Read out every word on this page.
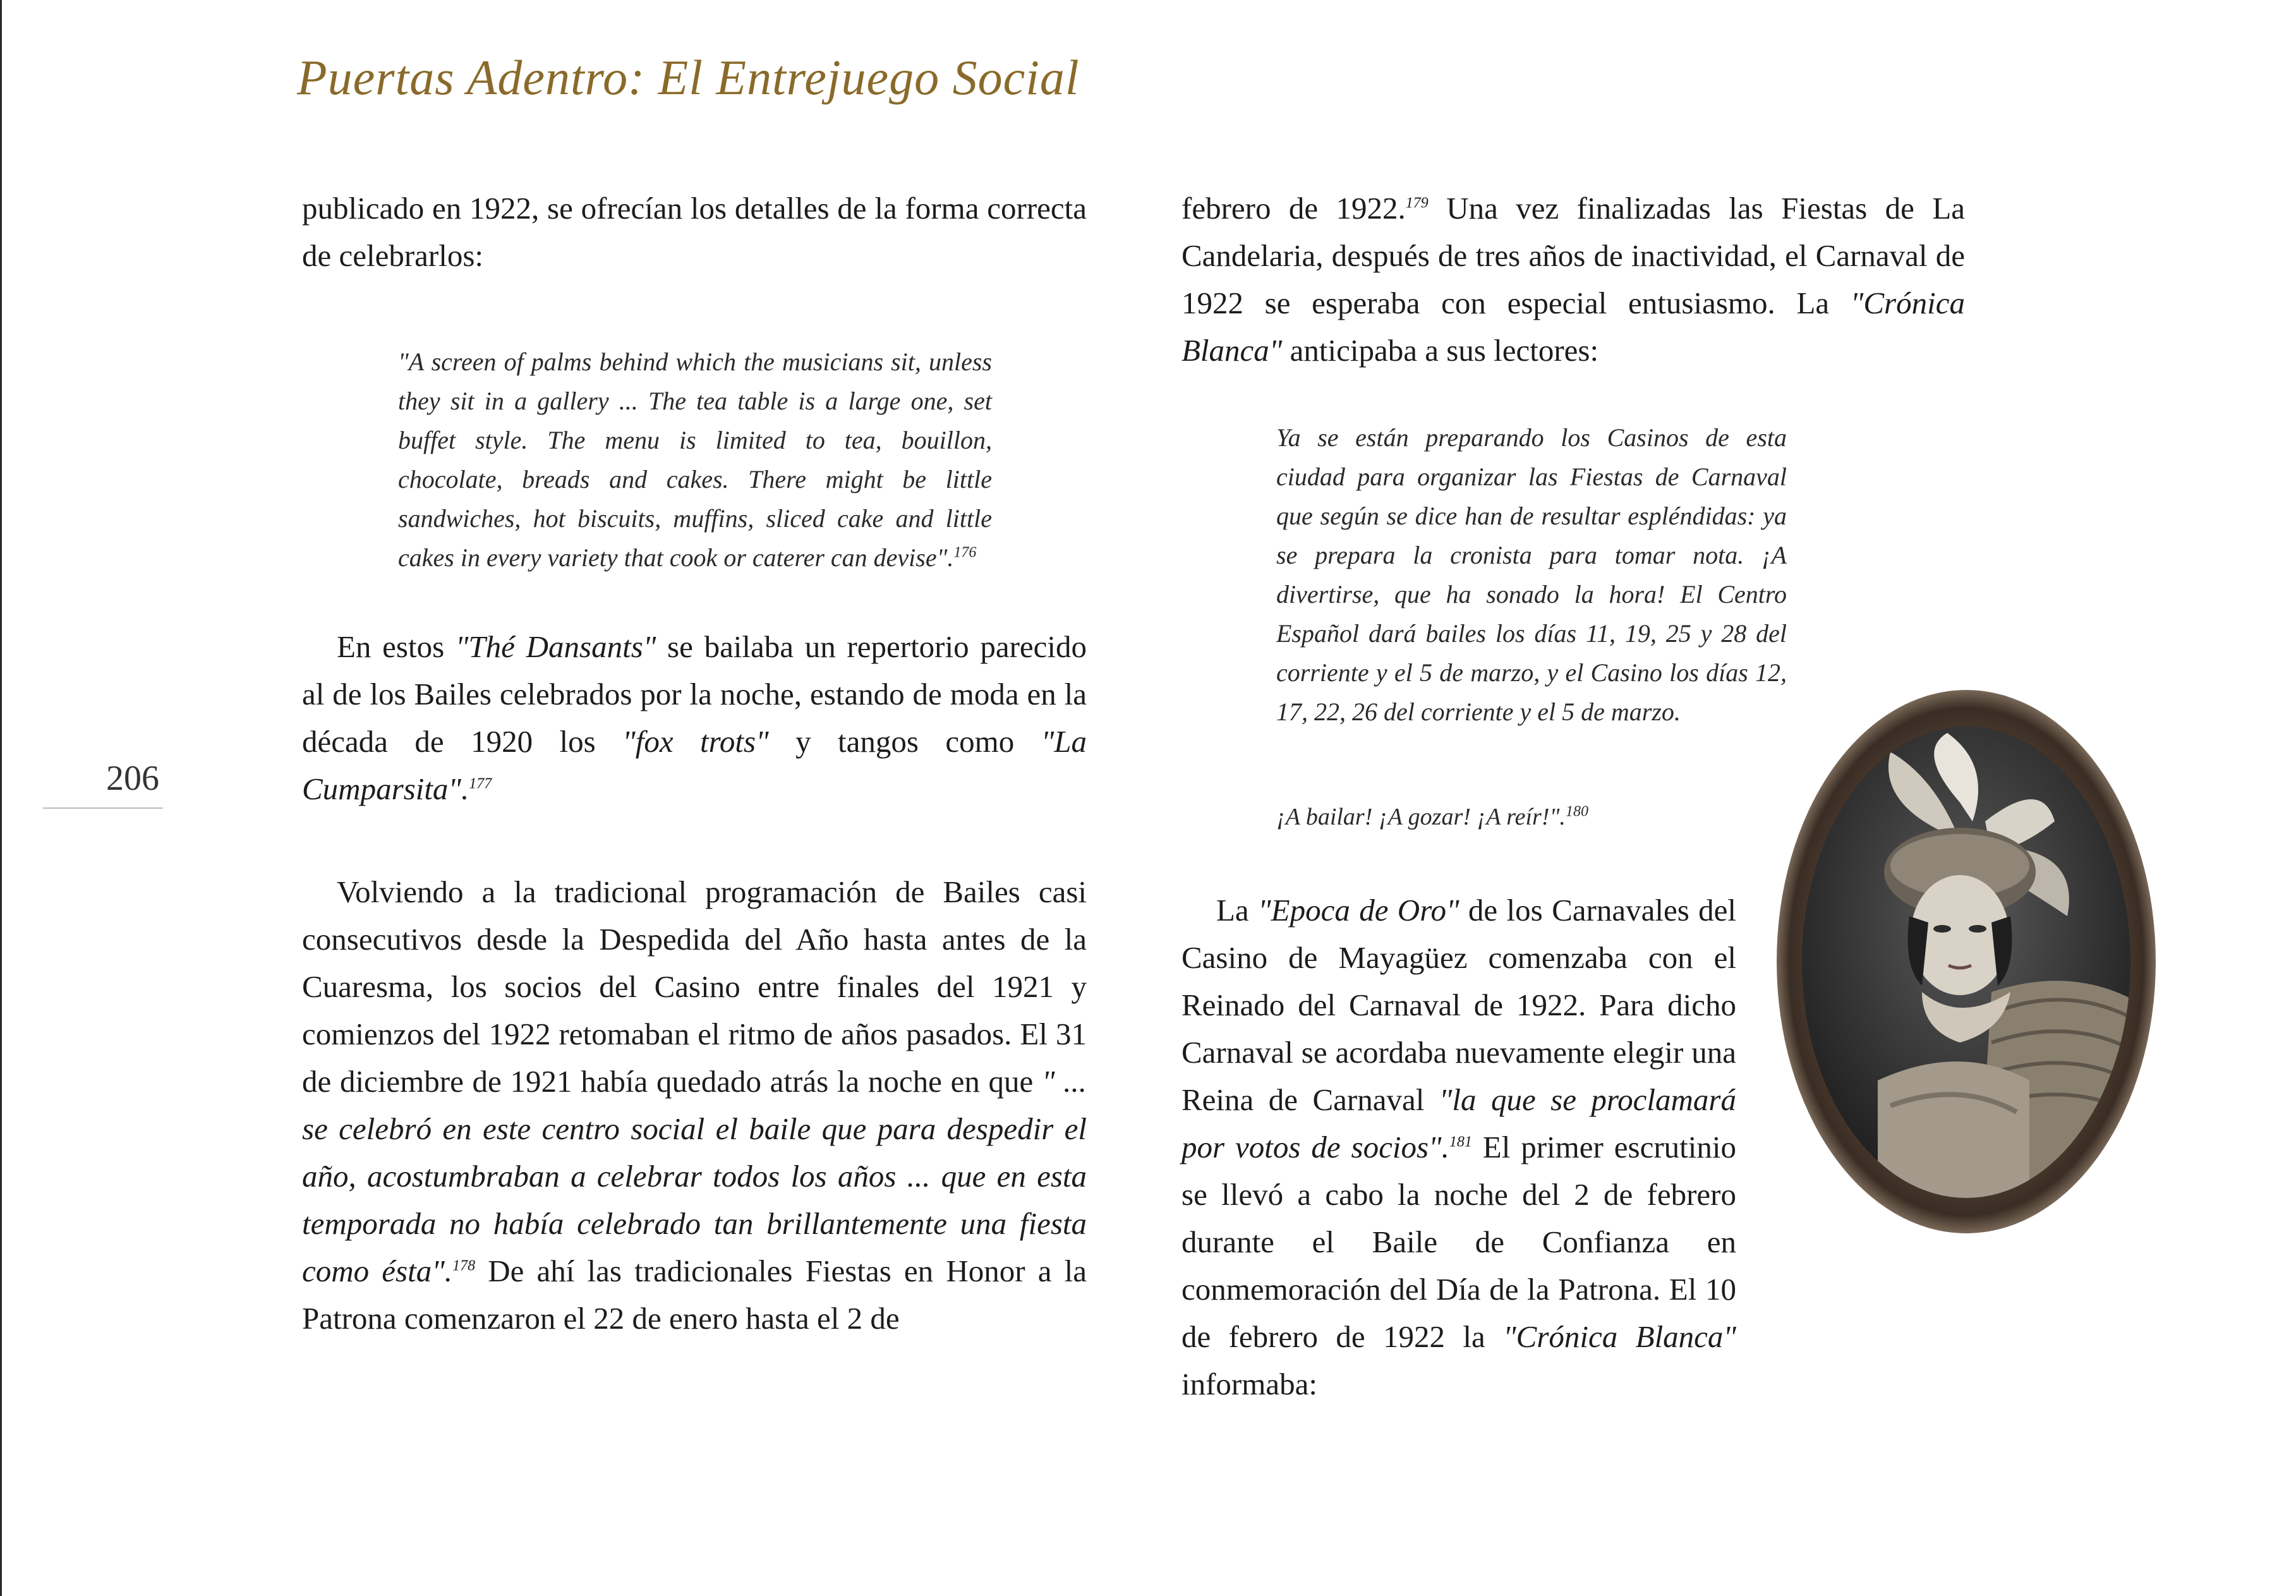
Puertas Adentro: El Entrejuego Social
206

publicado en 1922, se ofrecían los detalles de la forma correcta de celebrarlos:

"A screen of palms behind which the musicians sit, unless they sit in a gallery ... The tea table is a large one, set buffet style. The menu is limited to tea, bouillon, chocolate, breads and cakes. There might be little sandwiches, hot biscuits, muffins, sliced cake and little cakes in every variety that cook or caterer can devise".$^{176}$

En estos "Thé Dansants" se bailaba un repertorio parecido al de los Bailes celebrados por la noche, estando de moda en la década de 1920 los "fox trots" y tangos como "La Cumparsita".$^{177}$

Volviendo a la tradicional programación de Bailes casi consecutivos desde la Despedida del Año hasta antes de la Cuaresma, los socios del Casino entre finales del 1921 y comienzos del 1922 retomaban el ritmo de años pasados. El 31 de diciembre de 1921 había quedado atrás la noche en que " ... se celebró en este centro social el baile que para despedir el año, acostumbraban a celebrar todos los años ... que en esta temporada no había celebrado tan brillantemente una fiesta como ésta".$^{178}$ De ahí las tradicionales Fiestas en Honor a la Patrona comenzaron el 22 de enero hasta el 2 de

febrero de 1922.$^{179}$ Una vez finalizadas las Fiestas de La Candelaria, después de tres años de inactividad, el Carnaval de 1922 se esperaba con especial entusiasmo. La "Crónica Blanca" anticipaba a sus lectores:

Ya se están preparando los Casinos de esta ciudad para organizar las Fiestas de Carnaval que según se dice han de resultar espléndidas: ya se prepara la cronista para tomar nota. ¡A divertirse, que ha sonado la hora! El Centro Español dará bailes los días 11, 19, 25 y 28 del corriente y el 5 de marzo, y el Casino los días 12, 17, 22, 26 del corriente y el 5 de marzo.

¡A bailar! ¡A gozar! ¡A reír!".$^{180}$

La "Epoca de Oro" de los Carnavales del Casino de Mayagüez comenzaba con el Reinado del Carnaval de 1922. Para dicho Carnaval se acordaba nuevamente elegir una Reina de Carnaval "la que se proclamará por votos de socios".$^{181}$ El primer escrutinio se llevó a cabo la noche del 2 de febrero durante el Baile de Confianza en conmemoración del Día de la Patrona. El 10 de febrero de 1922 la "Crónica Blanca" informaba:
